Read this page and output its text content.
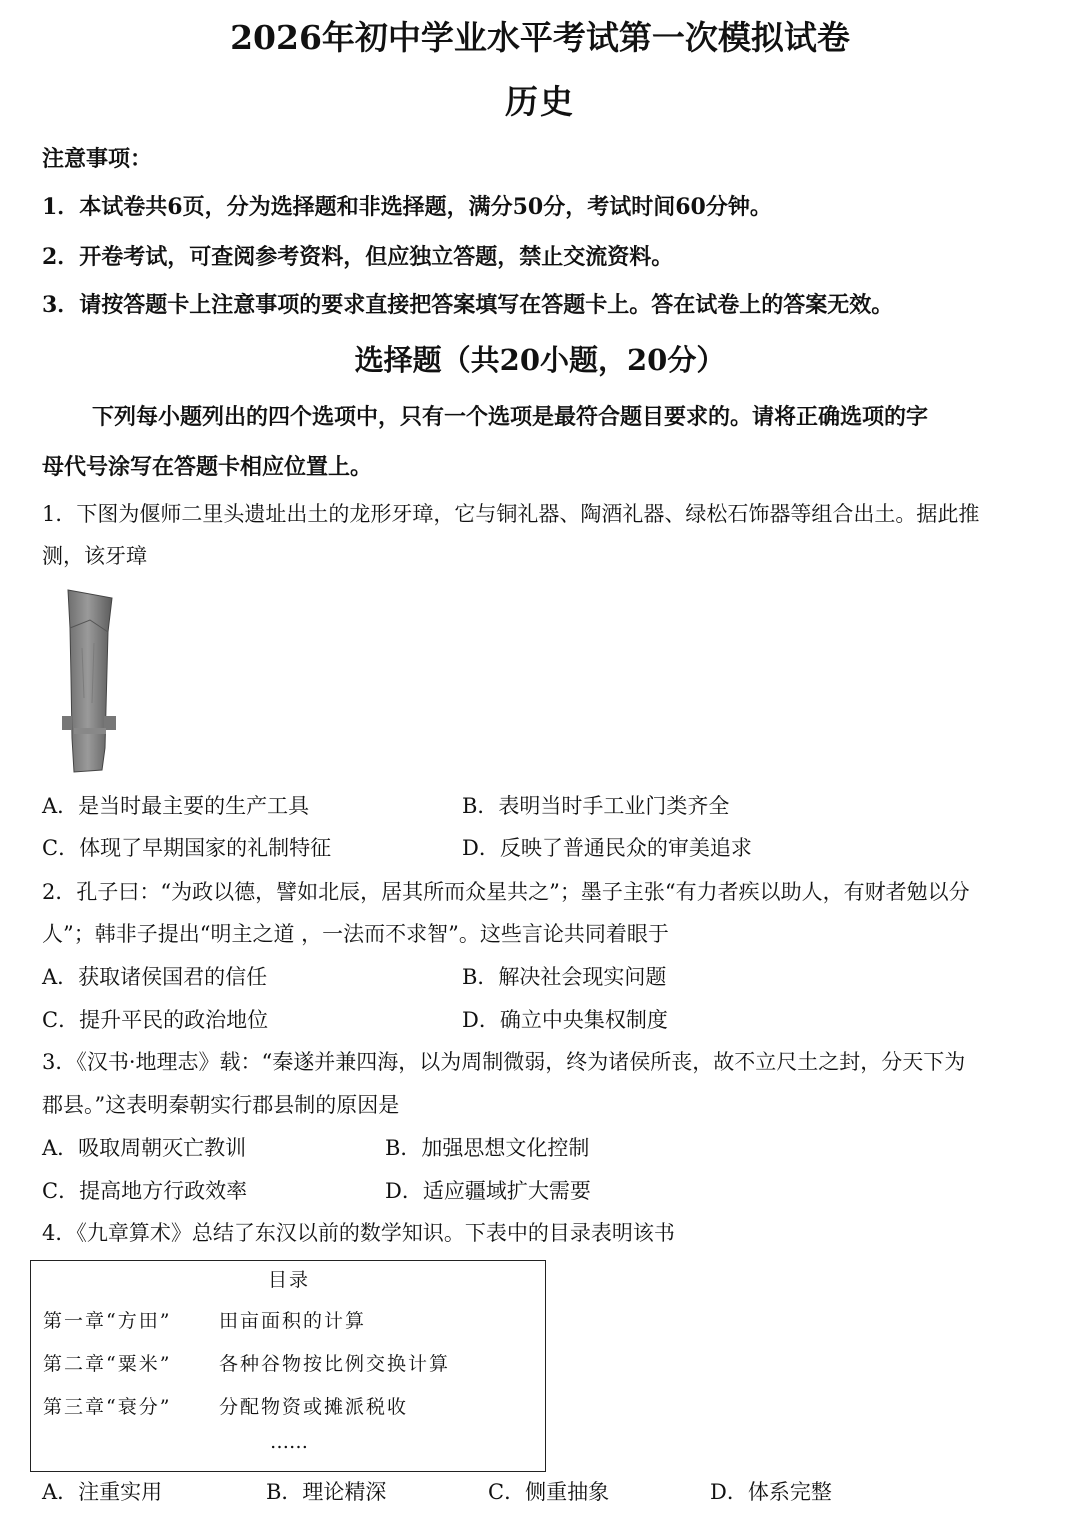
2026年初中学业水平考试第一次模拟试卷
历史
注意事项：
1．本试卷共6页，分为选择题和非选择题，满分50分，考试时间60分钟。
2．开卷考试，可查阅参考资料，但应独立答题，禁止交流资料。
3．请按答题卡上注意事项的要求直接把答案填写在答题卡上。答在试卷上的答案无效。
选择题（共20小题，20分）
下列每小题列出的四个选项中，只有一个选项是最符合题目要求的。请将正确选项的字
母代号涂写在答题卡相应位置上。
1．下图为偃师二里头遗址出土的龙形牙璋，它与铜礼器、陶酒礼器、绿松石饰器等组合出土。据此推
测，该牙璋
A．是当时最主要的生产工具	B．表明当时手工业门类齐全
C．体现了早期国家的礼制特征	D．反映了普通民众的审美追求
2．孔子曰：“为政以德，譬如北辰，居其所而众星共之”；墨子主张“有力者疾以助人，有财者勉以分
人”；韩非子提出“明主之道 ，一法而不求智”。这些言论共同着眼于
A．获取诸侯国君的信任	B．解决社会现实问题
C．提升平民的政治地位	D．确立中央集权制度
3．《汉书·地理志》载：“秦遂并兼四海，以为周制微弱，终为诸侯所丧，故不立尺土之封，分天下为
郡县。”这表明秦朝实行郡县制的原因是
A．吸取周朝灭亡教训	B．加强思想文化控制
C．提高地方行政效率	D．适应疆域扩大需要
4．《九章算术》总结了东汉以前的数学知识。下表中的目录表明该书
目录
第一章“方田”	田亩面积的计算
第二章“粟米”	各种谷物按比例交换计算
第三章“衰分”	分配物资或摊派税收
……
A．注重实用	B．理论精深	C．侧重抽象	D．体系完整
